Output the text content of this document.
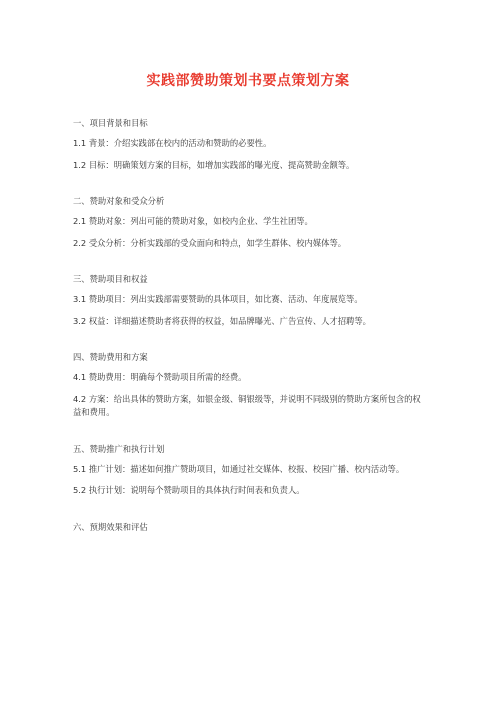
实践部赞助策划书要点策划方案
一、项目背景和目标
1.1 背景：介绍实践部在校内的活动和赞助的必要性。
1.2 目标：明确策划方案的目标，如增加实践部的曝光度、提高赞助金额等。
二、赞助对象和受众分析
2.1 赞助对象：列出可能的赞助对象，如校内企业、学生社团等。
2.2 受众分析：分析实践部的受众面向和特点，如学生群体、校内媒体等。
三、赞助项目和权益
3.1 赞助项目：列出实践部需要赞助的具体项目，如比赛、活动、年度展览等。
3.2 权益：详细描述赞助者将获得的权益，如品牌曝光、广告宣传、人才招聘等。
四、赞助费用和方案
4.1 赞助费用：明确每个赞助项目所需的经费。
4.2 方案：给出具体的赞助方案，如银金级、铜银级等，并说明不同级别的赞助方案所包含的权益和费用。
五、赞助推广和执行计划
5.1 推广计划：描述如何推广赞助项目，如通过社交媒体、校报、校园广播、校内活动等。
5.2 执行计划：说明每个赞助项目的具体执行时间表和负责人。
六、预期效果和评估
